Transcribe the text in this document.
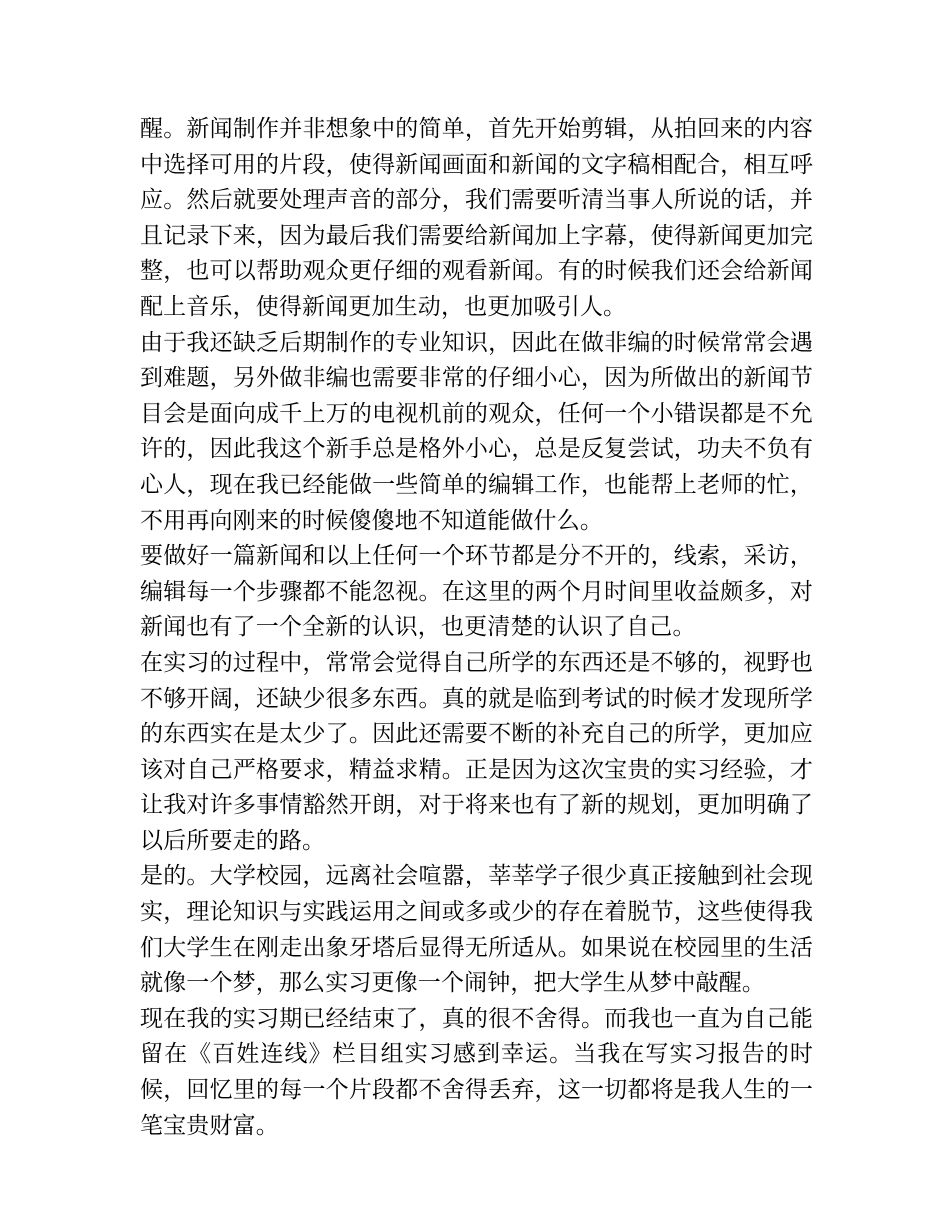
醒。新闻制作并非想象中的简单，首先开始剪辑，从拍回来的内容中选择可用的片段，使得新闻画面和新闻的文字稿相配合，相互呼应。然后就要处理声音的部分，我们需要听清当事人所说的话，并且记录下来，因为最后我们需要给新闻加上字幕，使得新闻更加完整，也可以帮助观众更仔细的观看新闻。有的时候我们还会给新闻配上音乐，使得新闻更加生动，也更加吸引人。

由于我还缺乏后期制作的专业知识，因此在做非编的时候常常会遇到难题，另外做非编也需要非常的仔细小心，因为所做出的新闻节目会是面向成千上万的电视机前的观众，任何一个小错误都是不允许的，因此我这个新手总是格外小心，总是反复尝试，功夫不负有心人，现在我已经能做一些简单的编辑工作，也能帮上老师的忙，不用再向刚来的时候傻傻地不知道能做什么。

要做好一篇新闻和以上任何一个环节都是分不开的，线索，采访，编辑每一个步骤都不能忽视。在这里的两个月时间里收益颇多，对新闻也有了一个全新的认识，也更清楚的认识了自己。

在实习的过程中，常常会觉得自己所学的东西还是不够的，视野也不够开阔，还缺少很多东西。真的就是临到考试的时候才发现所学的东西实在是太少了。因此还需要不断的补充自己的所学，更加应该对自己严格要求，精益求精。正是因为这次宝贵的实习经验，才让我对许多事情豁然开朗，对于将来也有了新的规划，更加明确了以后所要走的路。

是的。大学校园，远离社会喧嚣，莘莘学子很少真正接触到社会现实，理论知识与实践运用之间或多或少的存在着脱节，这些使得我们大学生在刚走出象牙塔后显得无所适从。如果说在校园里的生活就像一个梦，那么实习更像一个闹钟，把大学生从梦中敲醒。

现在我的实习期已经结束了，真的很不舍得。而我也一直为自己能留在《百姓连线》栏目组实习感到幸运。当我在写实习报告的时候，回忆里的每一个片段都不舍得丢弃，这一切都将是我人生的一笔宝贵财富。
